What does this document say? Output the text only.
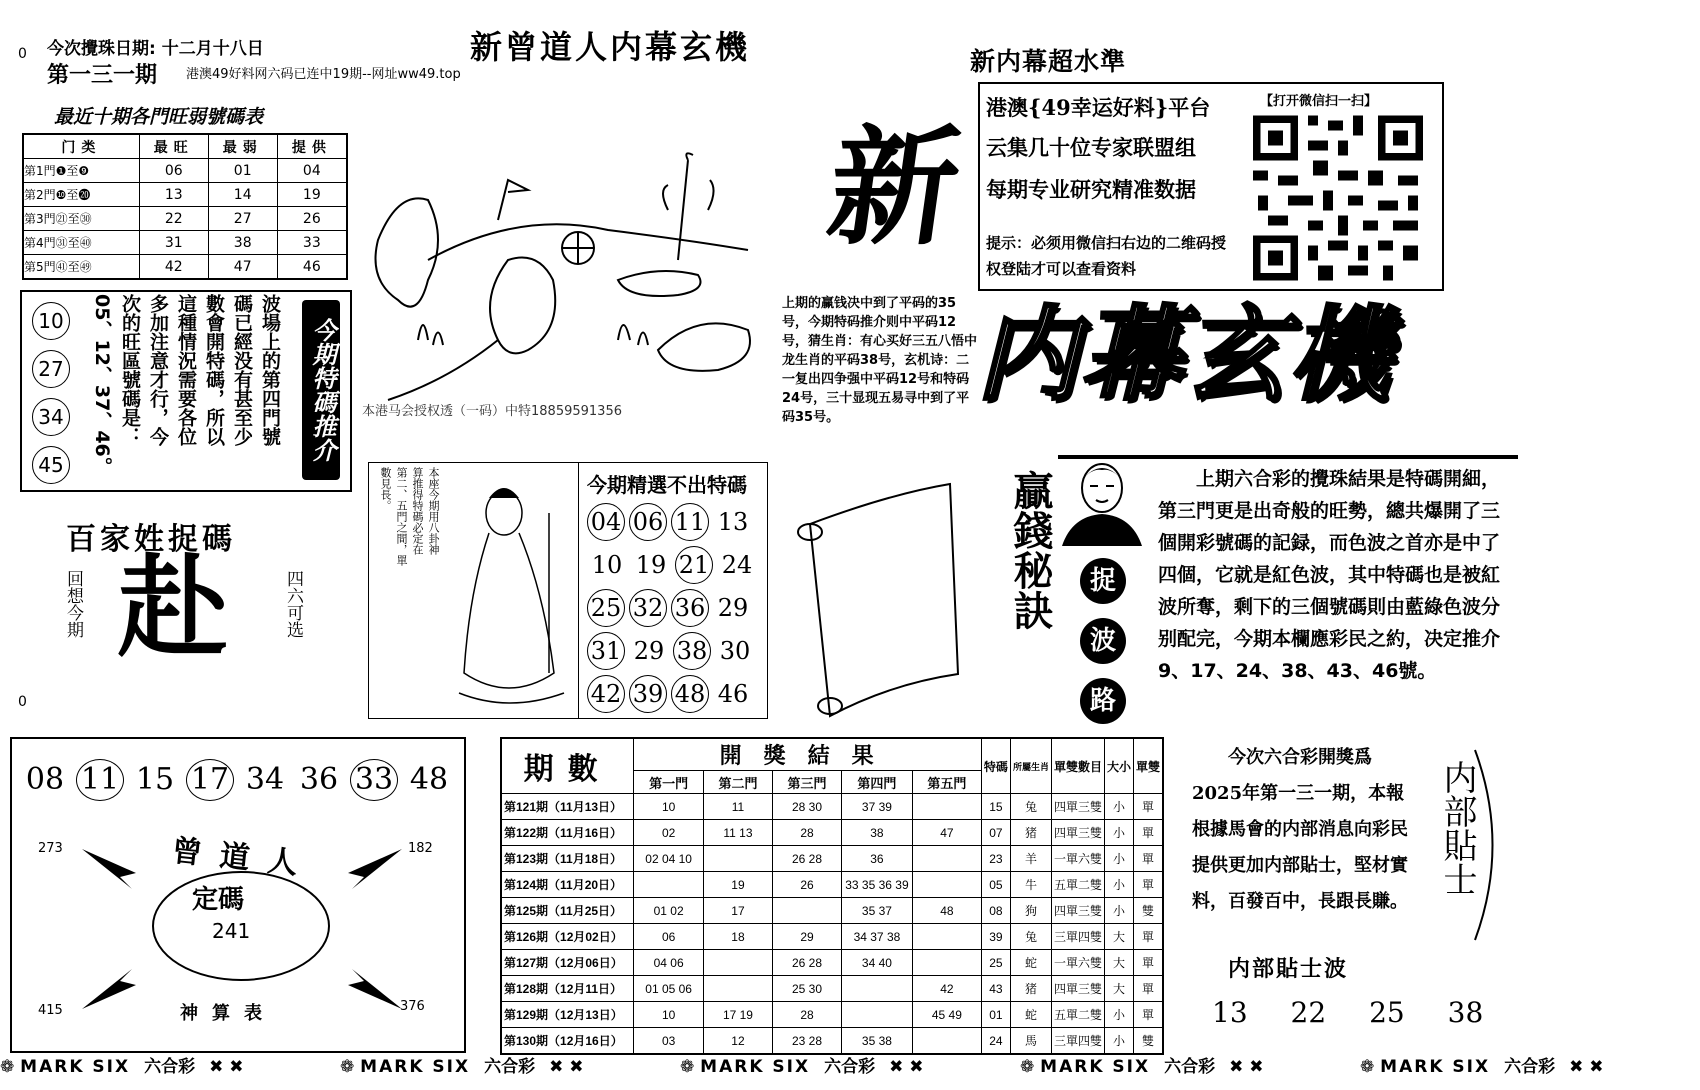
0 今次攪珠日期: 十二月十八日
第一三一期 港澳49好料网六码已连中19期--网址ww49.top
新曾道人内幕玄機
最近十期各門旺弱號碼表
门类	最旺	最弱	提供
第1門❶至❾	06	01	04
第2門❿至⓴	13	14	19
第3門㉑至㉚	22	27	26
第4門㉛至㊵	31	38	33
第5門㊶至㊾	42	47	46
10 27 34 45	05、12、37、46。 次的旺區號碼是： 多加注意才行，今 這種情況需要各位 數會開特碼，所以 碼已經没有甚至少 波場上的第四門號 今期特碼推介
百家姓捉碼
赴
回想今期	四六可选
0
本港马会授权透（一码）中特18859591356
本座今期用八卦神
算推得特碼必定在
第二、五門之間，單
數見長。	今期精選不出特碼
04 06 11 13
10 19 21 24
25 32 36 29
31 29 38 30
42 39 48 46
新
上期的赢钱决中到了平码的35号，今期特码推介则中平码12号，猜生肖：有心买好三五八悟中龙生肖的平码38号，玄机诗：二一复出四争强中平码12号和特码24号，三十显现五易寻中到了平码35号。
新内幕超水準
港澳{49幸运好料}平台
云集几十位专家联盟组
每期专业研究精准数据
提示：必须用微信扫右边的二维码授权登陆才可以查看资料
【打开微信扫一扫】
内幕玄機
贏錢秘訣	捉
波
路
上期六合彩的攪珠結果是特碼開細，第三門更是出奇般的旺勢，總共爆開了三個開彩號碼的記録，而色波之首亦是中了四個，它就是紅色波，其中特碼也是被紅波所奪，剩下的三個號碼則由藍綠色波分别配完，今期本欄應彩民之約，决定推介9、17、24、38、43、46號。
08 11 15 17 34 36 33 48
曾道人
定碼
241
神算表
273	182
415	376
期數	開獎結果					特碼	所屬生肖	單雙數目	大小	單雙
	第一門	第二門	第三門	第四門	第五門					
第121期（11月13日）	10	11	28 30	37 39		15	兔	四單三雙	小	單
第122期（11月16日）	02	11 13	28	38	47	07	猪	四單三雙	小	單
第123期（11月18日）	02 04 10		26 28	36		23	羊	一單六雙	小	單
第124期（11月20日）		19	26	33 35 36 39		05	牛	五單二雙	小	單
第125期（11月25日）	01 02	17		35 37	48	08	狗	四單三雙	小	雙
第126期（12月02日）	06	18	29	34 37 38		39	兔	三單四雙	大	單
第127期（12月06日）	04 06		26 28	34 40		25	蛇	一單六雙	大	單
第128期（12月11日）	01 05 06		25 30		42	43	猪	四單三雙	大	單
第129期（12月13日）	10	17 19	28		45 49	01	蛇	五單二雙	小	單
第130期（12月16日）	03	12	23 28	35 38		24	馬	三單四雙	小	雙
今次六合彩開獎爲2025年第一三一期，本報根據馬會的内部消息向彩民提供更加内部貼士，堅材實料，百發百中，長跟長賺。
内部貼士
内部貼士波
13 22 25 38
❁ MARK SIX 六合彩 ✖ ✖	❁ MARK SIX 六合彩 ✖ ✖	❁ MARK SIX 六合彩 ✖ ✖	❁ MARK SIX 六合彩 ✖ ✖	❁ MARK SIX 六合彩 ✖ ✖
